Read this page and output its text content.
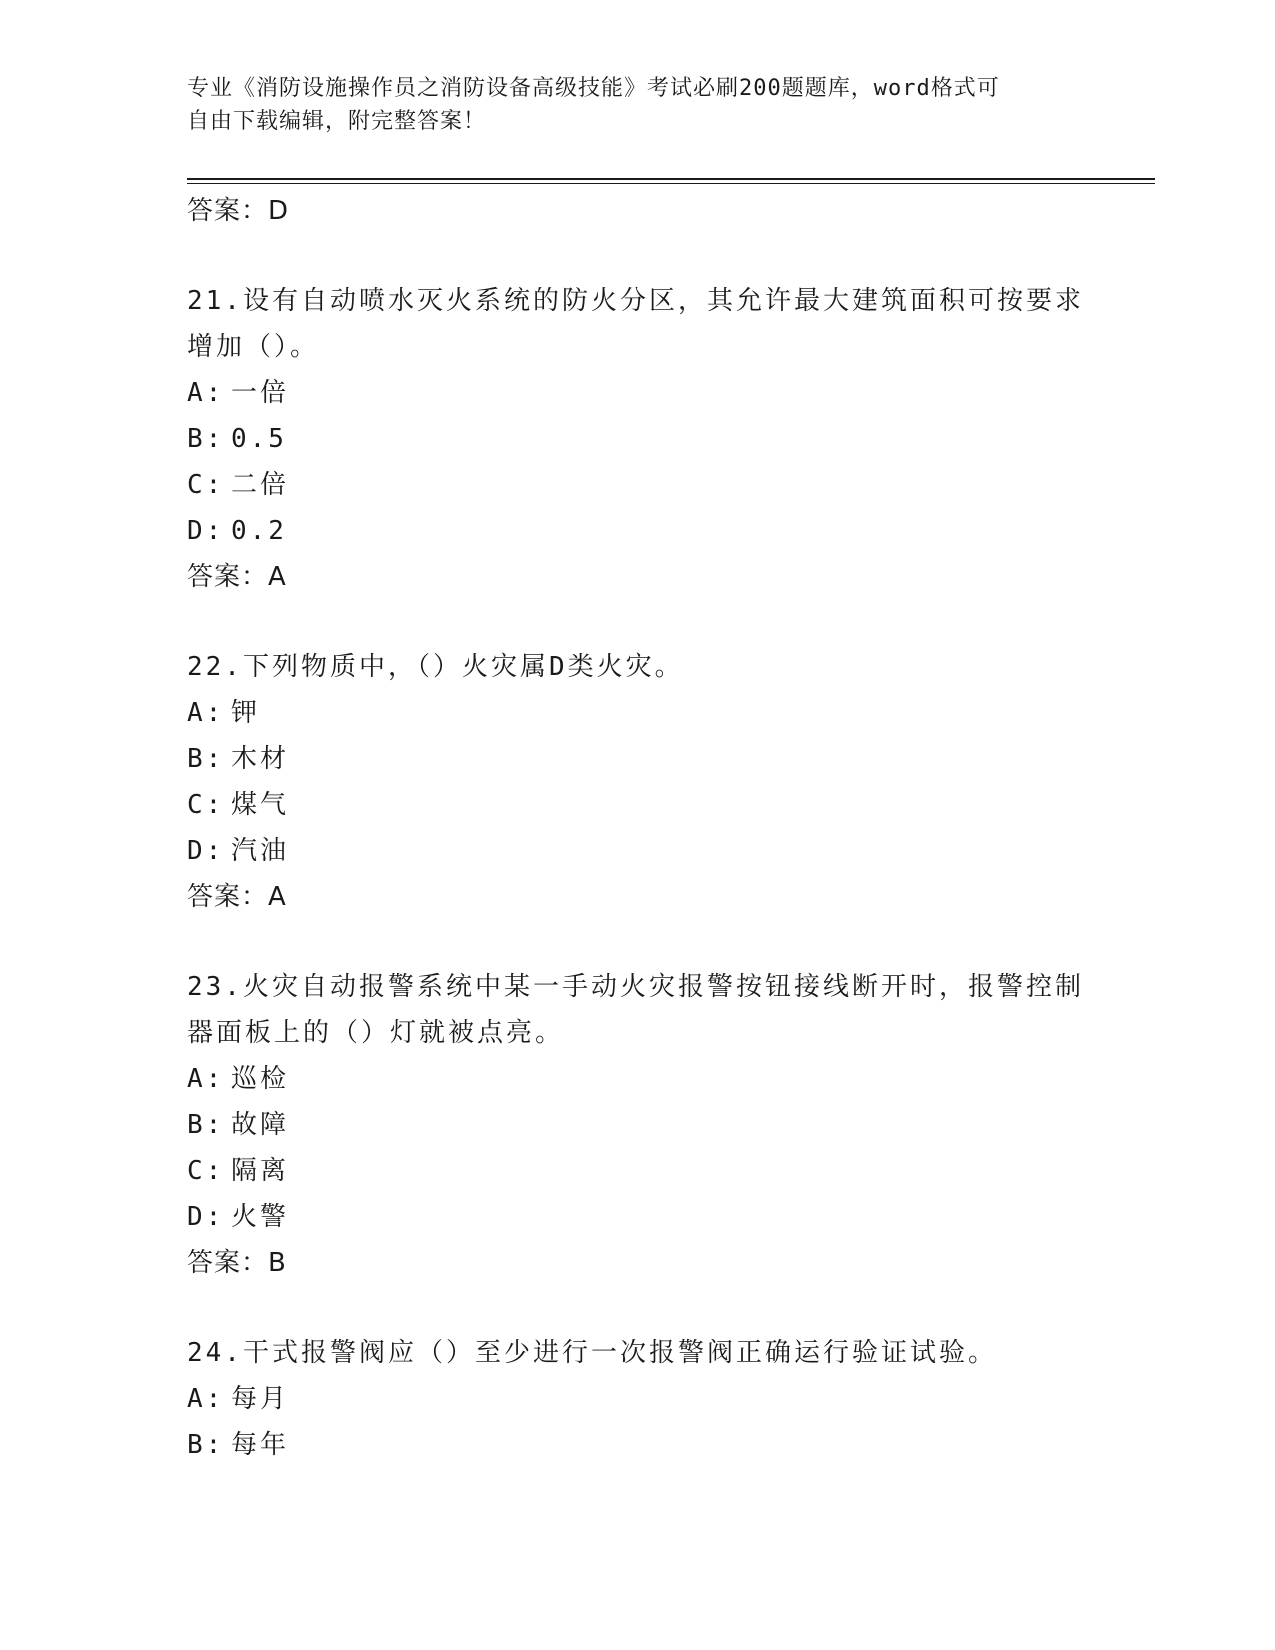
专业《消防设施操作员之消防设备高级技能》考试必刷200题题库，word格式可
自由下载编辑，附完整答案！
答案：D
21.设有自动喷水灭火系统的防火分区，其允许最大建筑面积可按要求增加（）。
A: 一倍
B: 0.5
C: 二倍
D: 0.2
答案：A
22.下列物质中，（）火灾属D类火灾。
A: 钾
B: 木材
C: 煤气
D: 汽油
答案：A
23.火灾自动报警系统中某一手动火灾报警按钮接线断开时，报警控制器面板上的（）灯就被点亮。
A: 巡检
B: 故障
C: 隔离
D: 火警
答案：B
24.干式报警阀应（）至少进行一次报警阀正确运行验证试验。
A: 每月
B: 每年
